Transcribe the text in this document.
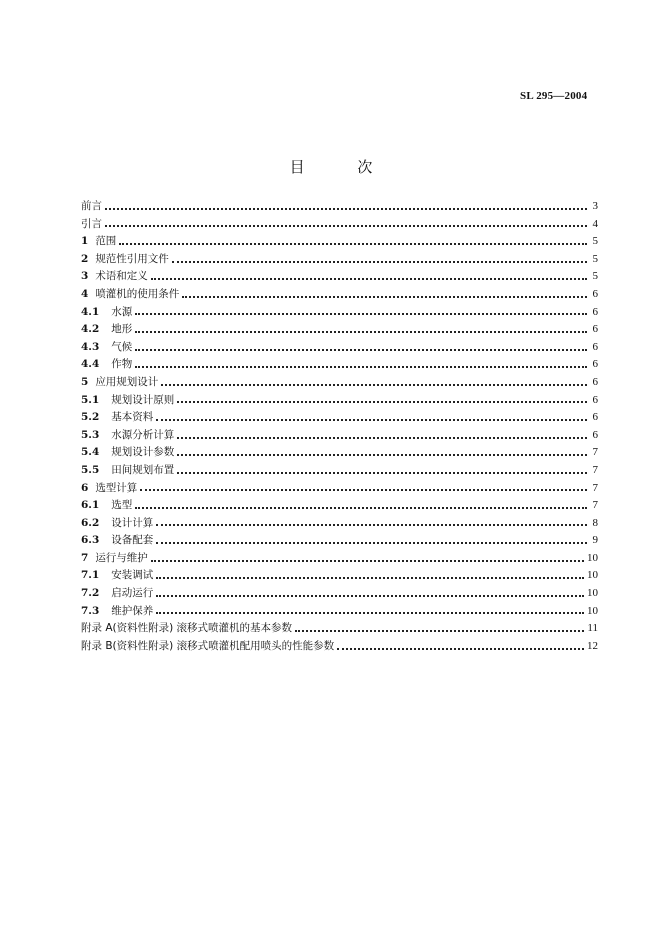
SL 295—2004
目 次
前言	3
引言	4
1 范围	5
2 规范性引用文件	5
3 术语和定义	5
4 喷灌机的使用条件	6
4.1 水源	6
4.2 地形	6
4.3 气候	6
4.4 作物	6
5 应用规划设计	6
5.1 规划设计原则	6
5.2 基本资料	6
5.3 水源分析计算	6
5.4 规划设计参数	7
5.5 田间规划布置	7
6 选型计算	7
6.1 选型	7
6.2 设计计算	8
6.3 设备配套	9
7 运行与维护	10
7.1 安装调试	10
7.2 启动运行	10
7.3 维护保养	10
附录 A(资料性附录) 滚移式喷灌机的基本参数	11
附录 B(资料性附录) 滚移式喷灌机配用喷头的性能参数	12
